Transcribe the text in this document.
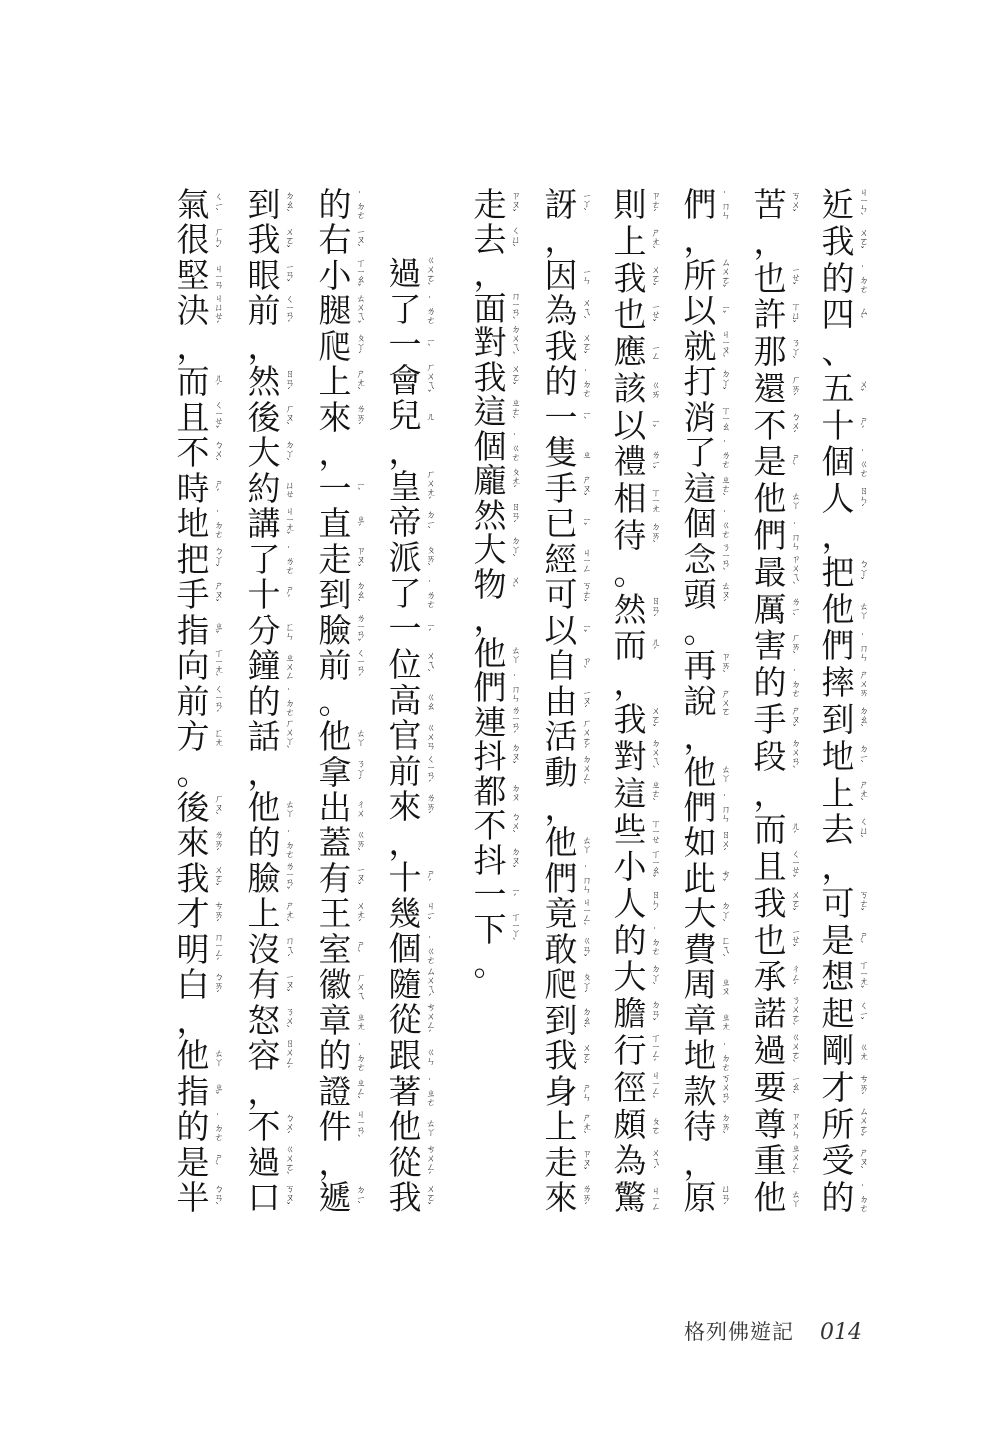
近 ㄐㄧㄣˋ
我 ㄨㄛˇ
的 ˙ㄉㄜ
四 ㄙˋ
、
五 ㄨˇ
十 ㄕˊ
個 ˙ㄍㄜ
人 ㄖㄣˊ
，
把 ㄅㄚˇ
他 ㄊㄚ
們 ˙ㄇㄣ
摔 ㄕㄨㄞ
到 ㄉㄠˋ
地 ㄉㄧˋ
上 ㄕㄤˋ
去 ㄑㄩˋ
，
可 ㄎㄜˇ
是 ㄕˋ
想 ㄒㄧㄤˇ
起 ㄑㄧˇ
剛 ㄍㄤ
才 ㄘㄞˊ
所 ㄙㄨㄛˇ
受 ㄕㄡˋ
的 ˙ㄉㄜ
苦 ㄎㄨˇ
，
也 ㄧㄝˇ
許 ㄒㄩˇ
那 ㄋㄚˋ
還 ㄏㄞˊ
不 ㄅㄨˊ
是 ㄕˋ
他 ㄊㄚ
們 ˙ㄇㄣ
最 ㄗㄨㄟˋ
厲 ㄌㄧˋ
害 ㄏㄞˋ
的 ˙ㄉㄜ
手 ㄕㄡˇ
段 ㄉㄨㄢˋ
，
而 ㄦˊ
且 ㄑㄧㄝˇ
我 ㄨㄛˇ
也 ㄧㄝˇ
承 ㄔㄥˊ
諾 ㄋㄨㄛˋ
過 ㄍㄨㄛˋ
要 ㄧㄠˋ
尊 ㄗㄨㄣ
重 ㄓㄨㄥˋ
他 ㄊㄚ
們 ˙ㄇㄣ
，
所 ㄙㄨㄛˇ
以 ㄧˇ
就 ㄐㄧㄡˋ
打 ㄉㄚˇ
消 ㄒㄧㄠ
了 ˙ㄌㄜ
這 ㄓㄜˋ
個 ˙ㄍㄜ
念 ㄋㄧㄢˋ
頭 ㄊㄡˊ
。
再 ㄗㄞˋ
說 ㄕㄨㄛ
，
他 ㄊㄚ
們 ˙ㄇㄣ
如 ㄖㄨˊ
此 ㄘˇ
大 ㄉㄚˋ
費 ㄈㄟˋ
周 ㄓㄡ
章 ㄓㄤ
地 ˙ㄉㄜ
款 ㄎㄨㄢˇ
待 ㄉㄞˋ
，
原 ㄩㄢˊ
則 ㄗㄜˊ
上 ㄕㄤˋ
我 ㄨㄛˇ
也 ㄧㄝˇ
應 ㄧㄥ
該 ㄍㄞ
以 ㄧˇ
禮 ㄌㄧˇ
相 ㄒㄧㄤ
待 ㄉㄞˋ
。
然 ㄖㄢˊ
而 ㄦˊ
，
我 ㄨㄛˇ
對 ㄉㄨㄟˋ
這 ㄓㄜˋ
些 ㄒㄧㄝ
小 ㄒㄧㄠˇ
人 ㄖㄣˊ
的 ˙ㄉㄜ
大 ㄉㄚˋ
膽 ㄉㄢˇ
行 ㄒㄧㄥˊ
徑 ㄐㄧㄥˋ
頗 ㄆㄛ
為 ㄨㄟˊ
驚 ㄐㄧㄥ
訝 ㄧㄚˋ
，
因 ㄧㄣ
為 ㄨㄟˋ
我 ㄨㄛˇ
的 ˙ㄉㄜ
一 ㄧˋ
隻 ㄓ
手 ㄕㄡˇ
已 ㄧˇ
經 ㄐㄧㄥ
可 ㄎㄜˇ
以 ㄧˇ
自 ㄗˋ
由 ㄧㄡˊ
活 ㄏㄨㄛˊ
動 ㄉㄨㄥˋ
，
他 ㄊㄚ
們 ˙ㄇㄣ
竟 ㄐㄧㄥˋ
敢 ㄍㄢˇ
爬 ㄆㄚˊ
到 ㄉㄠˋ
我 ㄨㄛˇ
身 ㄕㄣ
上 ㄕㄤˋ
走 ㄗㄡˇ
來 ㄌㄞˊ
走 ㄗㄡˇ
去 ㄑㄩˋ
，
面 ㄇㄧㄢˋ
對 ㄉㄨㄟˋ
我 ㄨㄛˇ
這 ㄓㄜˋ
個 ˙ㄍㄜ
龐 ㄆㄤˊ
然 ㄖㄢˊ
大 ㄉㄚˋ
物 ㄨˋ
，
他 ㄊㄚ
們 ˙ㄇㄣ
連 ㄌㄧㄢˊ
抖 ㄉㄡˇ
都 ㄉㄡ
不 ㄅㄨˋ
抖 ㄉㄡˇ
一 ㄧˊ
下 ㄒㄧㄚˋ
。
過 ㄍㄨㄛˋ
了 ˙ㄌㄜ
一 ㄧˋ
會 ㄏㄨㄟˇ
兒 ㄦ
，
皇 ㄏㄨㄤˊ
帝 ㄉㄧˋ
派 ㄆㄞˋ
了 ˙ㄌㄜ
一 ㄧˊ
位 ㄨㄟˋ
高 ㄍㄠ
官 ㄍㄨㄢ
前 ㄑㄧㄢˊ
來 ㄌㄞˊ
，
十 ㄕˊ
幾 ㄐㄧˇ
個 ˙ㄍㄜ
隨 ㄙㄨㄟˊ
從 ㄘㄨㄥˊ
跟 ㄍㄣ
著 ˙ㄓㄜ
他 ㄊㄚ
從 ㄘㄨㄥˊ
我 ㄨㄛˇ
的 ˙ㄉㄜ
右 ㄧㄡˋ
小 ㄒㄧㄠˇ
腿 ㄊㄨㄟˇ
爬 ㄆㄚˊ
上 ㄕㄤˋ
來 ㄌㄞˊ
，
一 ㄧˋ
直 ㄓˊ
走 ㄗㄡˇ
到 ㄉㄠˋ
臉 ㄌㄧㄢˇ
前 ㄑㄧㄢˊ
。
他 ㄊㄚ
拿 ㄋㄚˊ
出 ㄔㄨ
蓋 ㄍㄞˋ
有 ㄧㄡˇ
王 ㄨㄤˊ
室 ㄕˋ
徽 ㄏㄨㄟ
章 ㄓㄤ
的 ˙ㄉㄜ
證 ㄓㄥˋ
件 ㄐㄧㄢˋ
，
遞 ㄉㄧˋ
到 ㄉㄠˋ
我 ㄨㄛˇ
眼 ㄧㄢˇ
前 ㄑㄧㄢˊ
，
然 ㄖㄢˊ
後 ㄏㄡˋ
大 ㄉㄚˋ
約 ㄩㄝ
講 ㄐㄧㄤˇ
了 ˙ㄌㄜ
十 ㄕˊ
分 ㄈㄣ
鐘 ㄓㄨㄥ
的 ˙ㄉㄜ
話 ㄏㄨㄚˋ
，
他 ㄊㄚ
的 ˙ㄉㄜ
臉 ㄌㄧㄢˇ
上 ㄕㄤˋ
沒 ㄇㄟˊ
有 ㄧㄡˇ
怒 ㄋㄨˋ
容 ㄖㄨㄥˊ
，
不 ㄅㄨˊ
過 ㄍㄨㄛˋ
口 ㄎㄡˇ
氣 ㄑㄧˋ
很 ㄏㄣˇ
堅 ㄐㄧㄢ
決 ㄐㄩㄝˊ
，
而 ㄦˊ
且 ㄑㄧㄝˇ
不 ㄅㄨˋ
時 ㄕˊ
地 ˙ㄉㄜ
把 ㄅㄚˇ
手 ㄕㄡˇ
指 ㄓˇ
向 ㄒㄧㄤˋ
前 ㄑㄧㄢˊ
方 ㄈㄤ
。
後 ㄏㄡˋ
來 ㄌㄞˊ
我 ㄨㄛˇ
才 ㄘㄞˊ
明 ㄇㄧㄥˊ
白 ㄅㄞˊ
，
他 ㄊㄚ
指 ㄓˇ
的 ˙ㄉㄜ
是 ㄕˋ
半 ㄅㄢˋ
格列佛遊記 014
